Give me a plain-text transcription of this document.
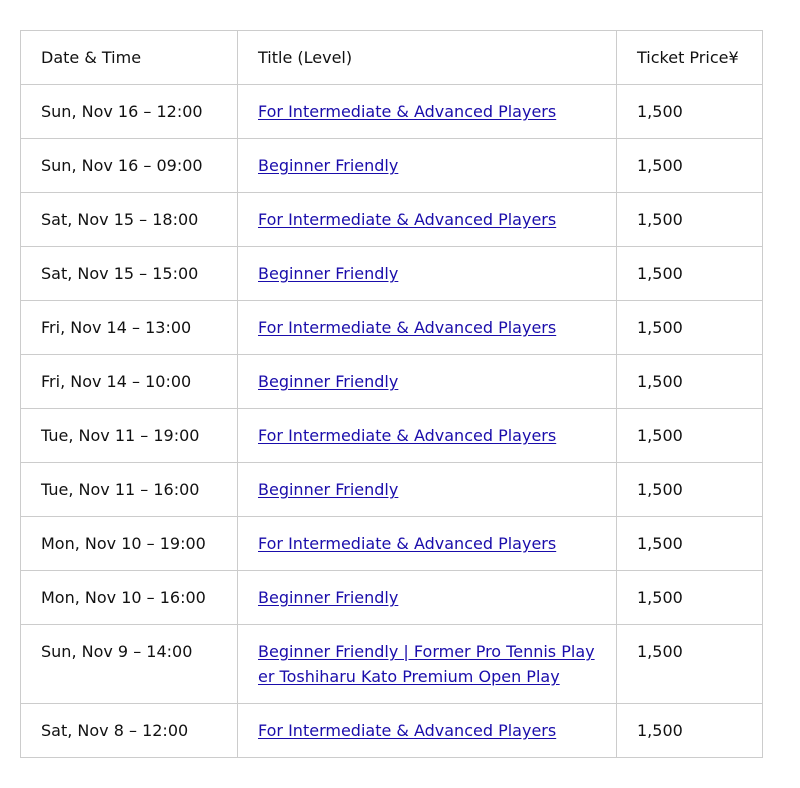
Date & Time	Title (Level)	Ticket Price¥
Sun, Nov 16 – 12:00	For Intermediate & Advanced Players	1,500
Sun, Nov 16 – 09:00	Beginner Friendly	1,500
Sat, Nov 15 – 18:00	For Intermediate & Advanced Players	1,500
Sat, Nov 15 – 15:00	Beginner Friendly	1,500
Fri, Nov 14 – 13:00	For Intermediate & Advanced Players	1,500
Fri, Nov 14 – 10:00	Beginner Friendly	1,500
Tue, Nov 11 – 19:00	For Intermediate & Advanced Players	1,500
Tue, Nov 11 – 16:00	Beginner Friendly	1,500
Mon, Nov 10 – 19:00	For Intermediate & Advanced Players	1,500
Mon, Nov 10 – 16:00	Beginner Friendly	1,500
Sun, Nov 9 – 14:00	Beginner Friendly | Former Pro Tennis Player Toshiharu Kato Premium Open Play	1,500
Sat, Nov 8 – 12:00	For Intermediate & Advanced Players	1,500
